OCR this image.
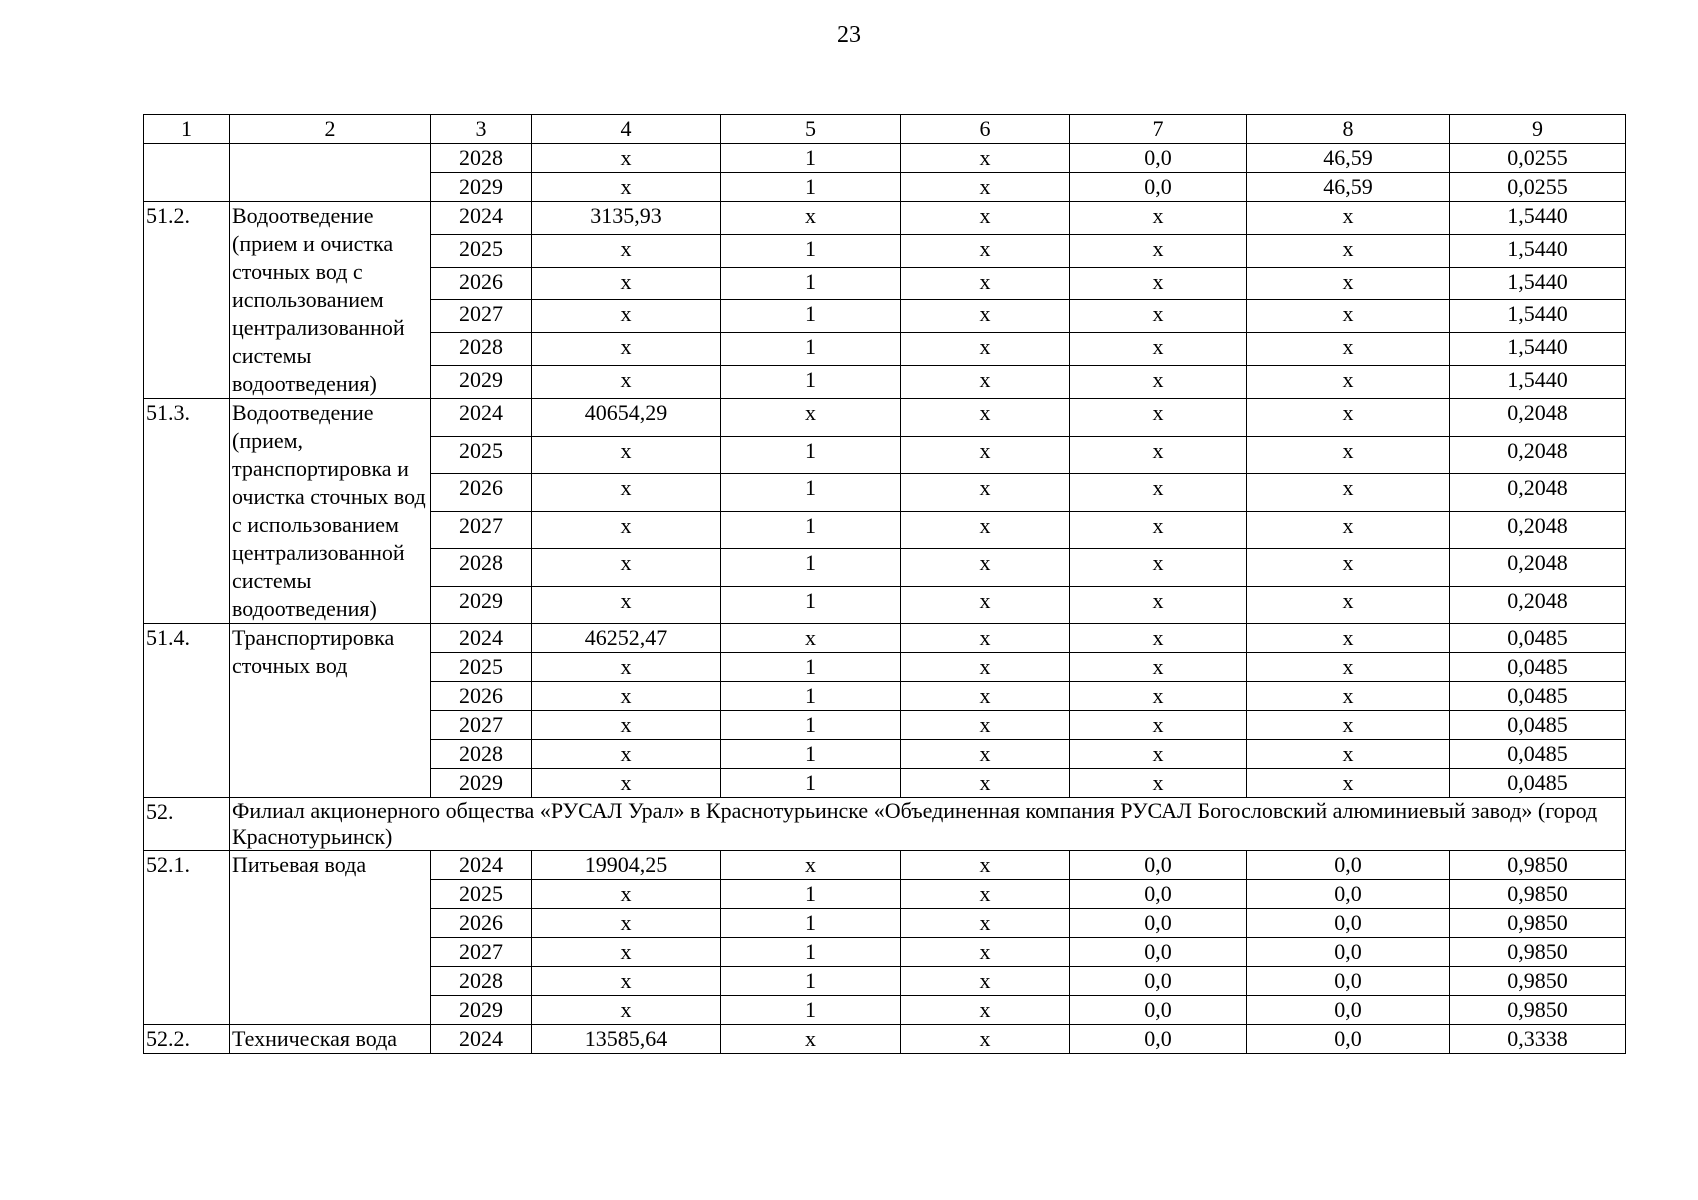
23
1	2	3	4	5	6	7	8	9
		2028	х	1	х	0,0	46,59	0,0255
		2029	х	1	х	0,0	46,59	0,0255
51.2.	Водоотведение (прием и очистка сточных вод с использованием централизованной системы водоотведения)	2024	3135,93	х	х	х	х	1,5440
		2025	х	1	х	х	х	1,5440
		2026	х	1	х	х	х	1,5440
		2027	х	1	х	х	х	1,5440
		2028	х	1	х	х	х	1,5440
		2029	х	1	х	х	х	1,5440
51.3.	Водоотведение (прием, транспортировка и очистка сточных вод с использованием централизованной системы водоотведения)	2024	40654,29	х	х	х	х	0,2048
		2025	х	1	х	х	х	0,2048
		2026	х	1	х	х	х	0,2048
		2027	х	1	х	х	х	0,2048
		2028	х	1	х	х	х	0,2048
		2029	х	1	х	х	х	0,2048
51.4.	Транспортировка сточных вод	2024	46252,47	х	х	х	х	0,0485
		2025	х	1	х	х	х	0,0485
		2026	х	1	х	х	х	0,0485
		2027	х	1	х	х	х	0,0485
		2028	х	1	х	х	х	0,0485
		2029	х	1	х	х	х	0,0485
52.	Филиал акционерного общества «РУСАЛ Урал» в Краснотурьинске «Объединенная компания РУСАЛ Богословский алюминиевый завод» (город Краснотурьинск)							
52.1.	Питьевая вода	2024	19904,25	х	х	0,0	0,0	0,9850
		2025	х	1	х	0,0	0,0	0,9850
		2026	х	1	х	0,0	0,0	0,9850
		2027	х	1	х	0,0	0,0	0,9850
		2028	х	1	х	0,0	0,0	0,9850
		2029	х	1	х	0,0	0,0	0,9850
52.2.	Техническая вода	2024	13585,64	х	х	0,0	0,0	0,3338
